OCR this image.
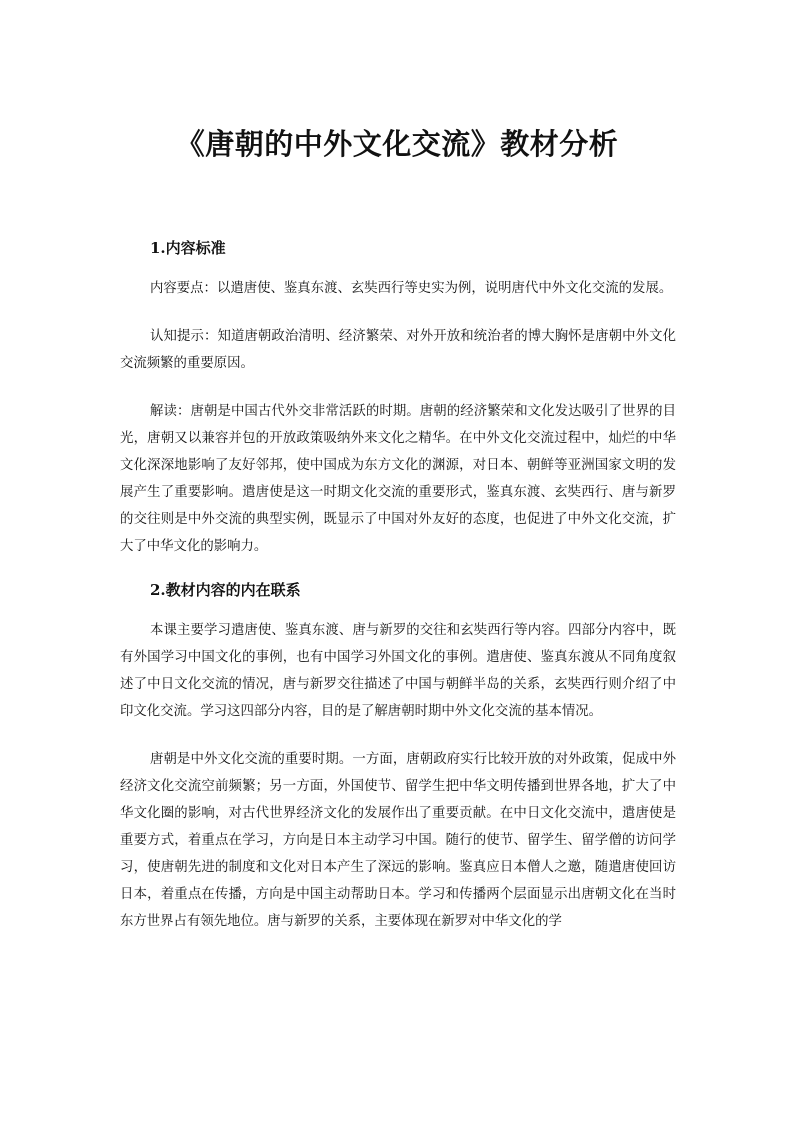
《唐朝的中外文化交流》教材分析
1.内容标准

内容要点：以遣唐使、鉴真东渡、玄奘西行等史实为例，说明唐代中外文化交流的发展。

认知提示：知道唐朝政治清明、经济繁荣、对外开放和统治者的博大胸怀是唐朝中外文化交流频繁的重要原因。

解读：唐朝是中国古代外交非常活跃的时期。唐朝的经济繁荣和文化发达吸引了世界的目光，唐朝又以兼容并包的开放政策吸纳外来文化之精华。在中外文化交流过程中，灿烂的中华文化深深地影响了友好邻邦，使中国成为东方文化的渊源，对日本、朝鲜等亚洲国家文明的发展产生了重要影响。遣唐使是这一时期文化交流的重要形式，鉴真东渡、玄奘西行、唐与新罗的交往则是中外交流的典型实例，既显示了中国对外友好的态度，也促进了中外文化交流，扩大了中华文化的影响力。

2.教材内容的内在联系

本课主要学习遣唐使、鉴真东渡、唐与新罗的交往和玄奘西行等内容。四部分内容中，既有外国学习中国文化的事例，也有中国学习外国文化的事例。遣唐使、鉴真东渡从不同角度叙述了中日文化交流的情况，唐与新罗交往描述了中国与朝鲜半岛的关系，玄奘西行则介绍了中印文化交流。学习这四部分内容，目的是了解唐朝时期中外文化交流的基本情况。

唐朝是中外文化交流的重要时期。一方面，唐朝政府实行比较开放的对外政策，促成中外经济文化交流空前频繁；另一方面，外国使节、留学生把中华文明传播到世界各地，扩大了中华文化圈的影响，对古代世界经济文化的发展作出了重要贡献。在中日文化交流中，遣唐使是重要方式，着重点在学习，方向是日本主动学习中国。随行的使节、留学生、留学僧的访问学习，使唐朝先进的制度和文化对日本产生了深远的影响。鉴真应日本僧人之邀，随遣唐使回访日本，着重点在传播，方向是中国主动帮助日本。学习和传播两个层面显示出唐朝文化在当时东方世界占有领先地位。唐与新罗的关系，主要体现在新罗对中华文化的学
